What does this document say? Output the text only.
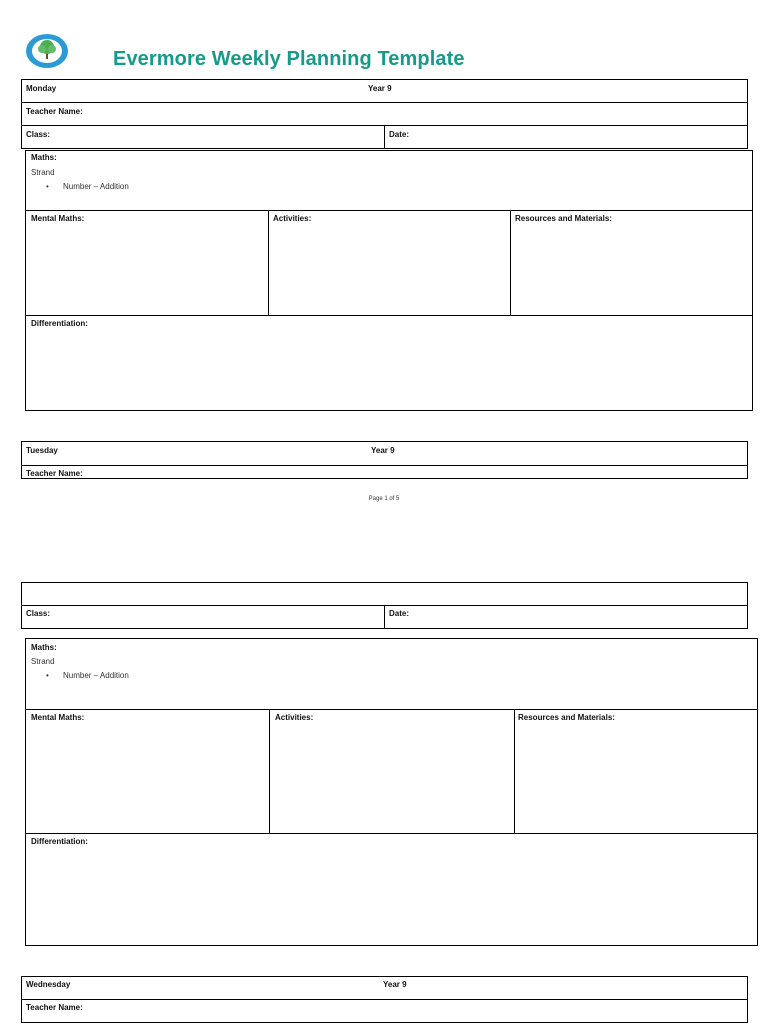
Evermore Weekly Planning Template
Monday	Year 9
Teacher Name:
Class:	Date:
Maths:
Strand
• Number – Addition
Mental Maths:	Activities:	Resources and Materials:
Differentiation:
Tuesday	Year 9
Teacher Name:
Page 1 of 5
Class:	Date:
Maths:
Strand
• Number – Addition
Mental Maths:	Activities:	Resources and Materials:
Differentiation:
Wednesday	Year 9
Teacher Name:
